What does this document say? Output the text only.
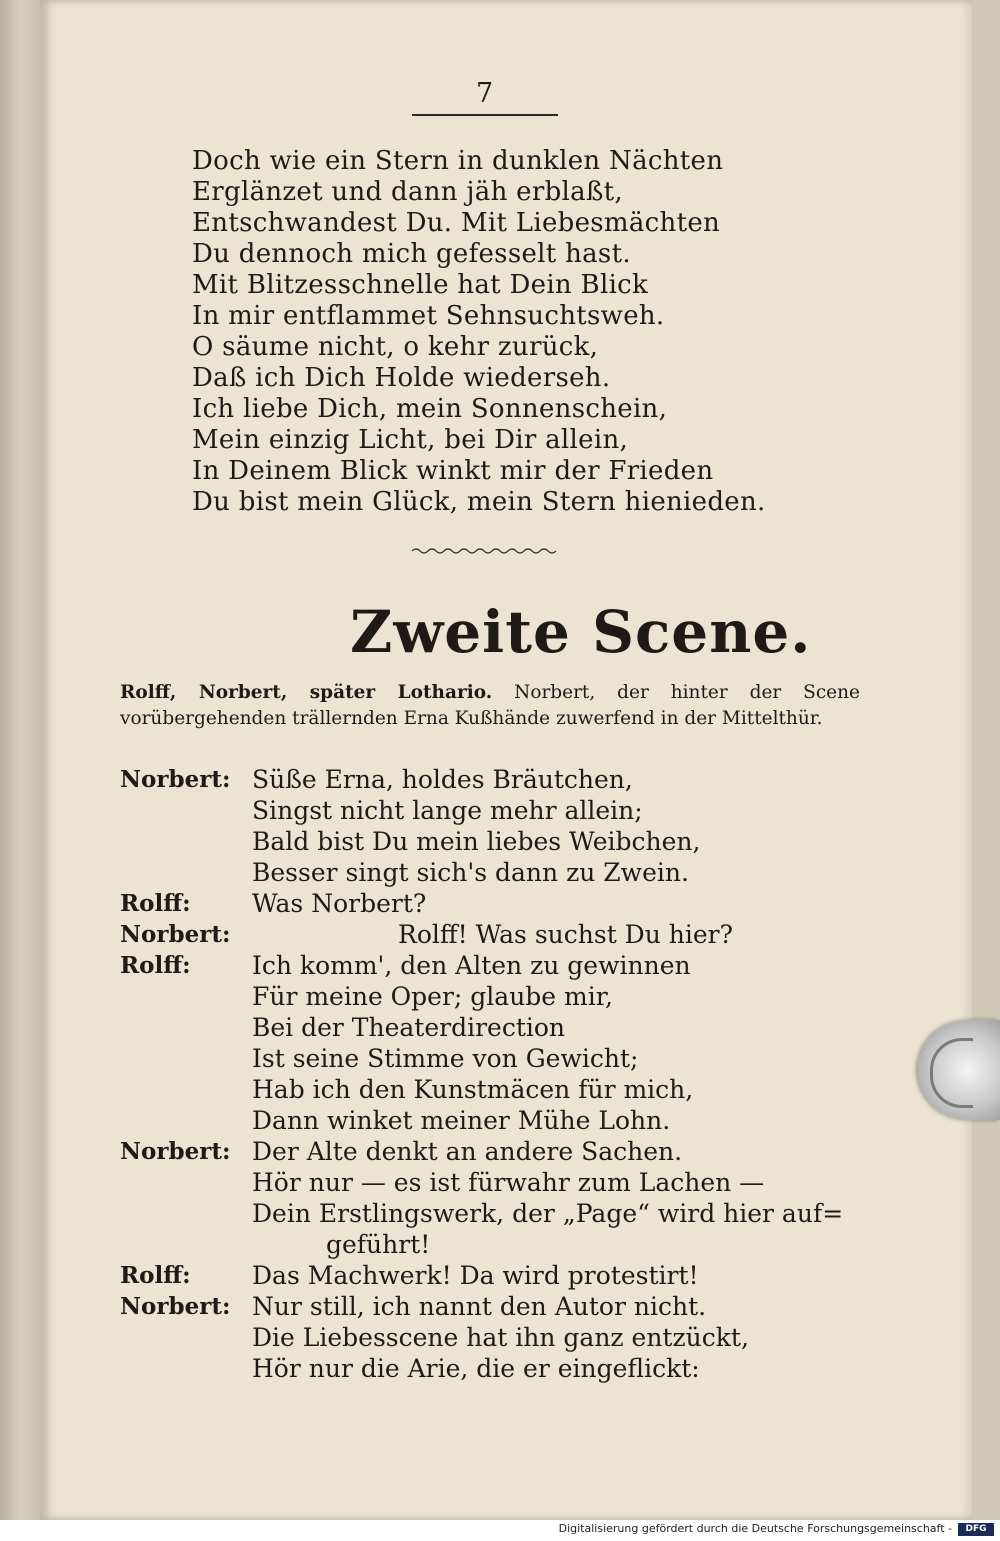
7
Doch wie ein Stern in dunklen Nächten
Erglänzet und dann jäh erblaßt,
Entschwandest Du. Mit Liebesmächten
Du dennoch mich gefesselt hast.
Mit Blitzesschnelle hat Dein Blick
In mir entflammet Sehnsuchtsweh.
O säume nicht, o kehr zurück,
Daß ich Dich Holde wiederseh.
Ich liebe Dich, mein Sonnenschein,
Mein einzig Licht, bei Dir allein,
In Deinem Blick winkt mir der Frieden
Du bist mein Glück, mein Stern hienieden.
Zweite Scene.
Rolff, Norbert, später Lothario. Norbert, der hinter der Scene vorübergehenden trällernden Erna Kußhände zuwerfend in der Mittelthür.
Norbert: Süße Erna, holdes Bräutchen,
Singst nicht lange mehr allein;
Bald bist Du mein liebes Weibchen,
Besser singt sich's dann zu Zwein.
Rolff: Was Norbert?
Norbert:	Rolff! Was suchst Du hier?
Rolff: Ich komm', den Alten zu gewinnen
Für meine Oper; glaube mir,
Bei der Theaterdirection
Ist seine Stimme von Gewicht;
Hab ich den Kunstmäcen für mich,
Dann winket meiner Mühe Lohn.
Norbert: Der Alte denkt an andere Sachen.
Hör nur — es ist fürwahr zum Lachen —
Dein Erstlingswerk, der „Page“ wird hier auf=
geführt!
Rolff: Das Machwerk! Da wird protestirt!
Norbert: Nur still, ich nannt den Autor nicht.
Die Liebesscene hat ihn ganz entzückt,
Hör nur die Arie, die er eingeflickt:
Digitalisierung gefördert durch die Deutsche Forschungsgemeinschaft -	DFG
